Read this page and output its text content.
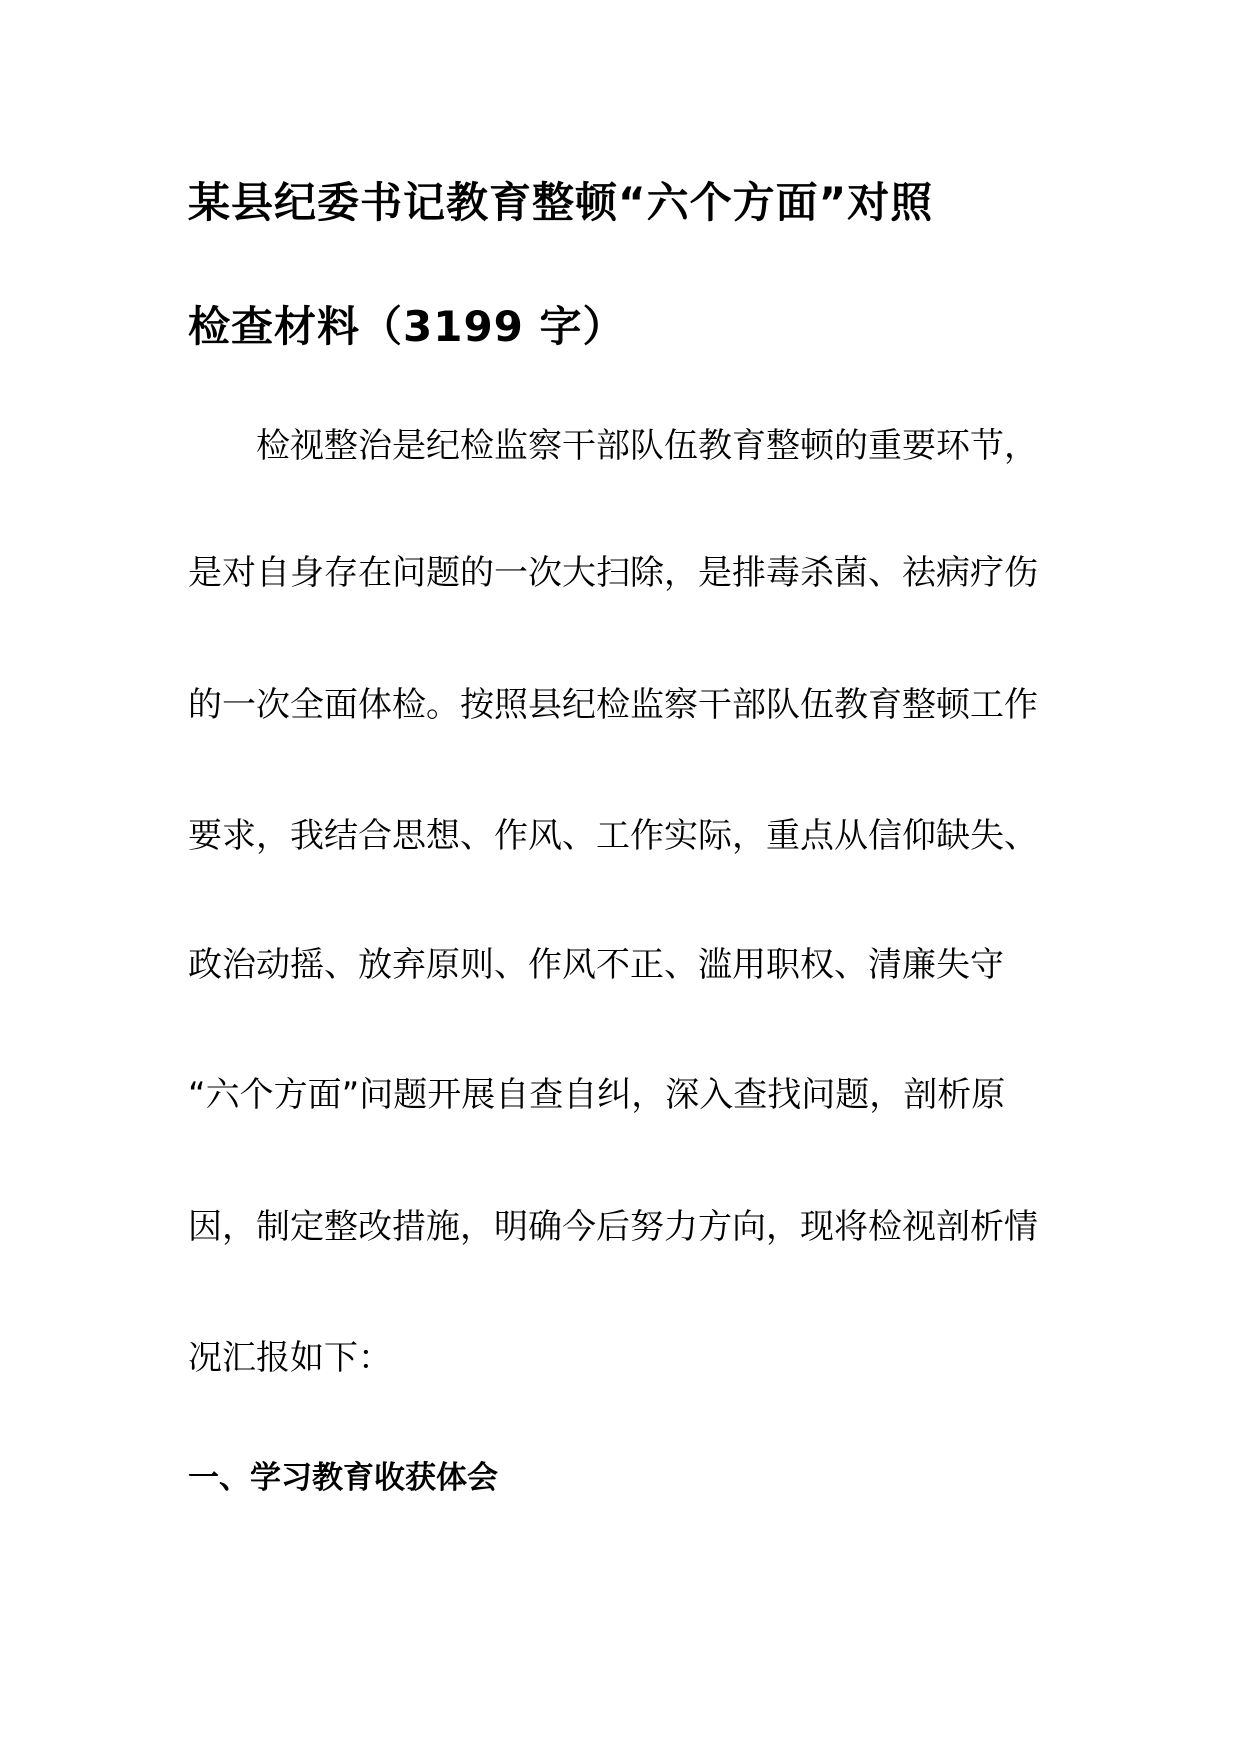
某县纪委书记教育整顿“六个方面”对照
检查材料（3199 字）
　　检视整治是纪检监察干部队伍教育整顿的重要环节，
是对自身存在问题的一次大扫除，是排毒杀菌、祛病疗伤
的一次全面体检。按照县纪检监察干部队伍教育整顿工作
要求，我结合思想、作风、工作实际，重点从信仰缺失、
政治动摇、放弃原则、作风不正、滥用职权、清廉失守
“六个方面”问题开展自查自纠，深入查找问题，剖析原
因，制定整改措施，明确今后努力方向，现将检视剖析情
况汇报如下：
一、学习教育收获体会
